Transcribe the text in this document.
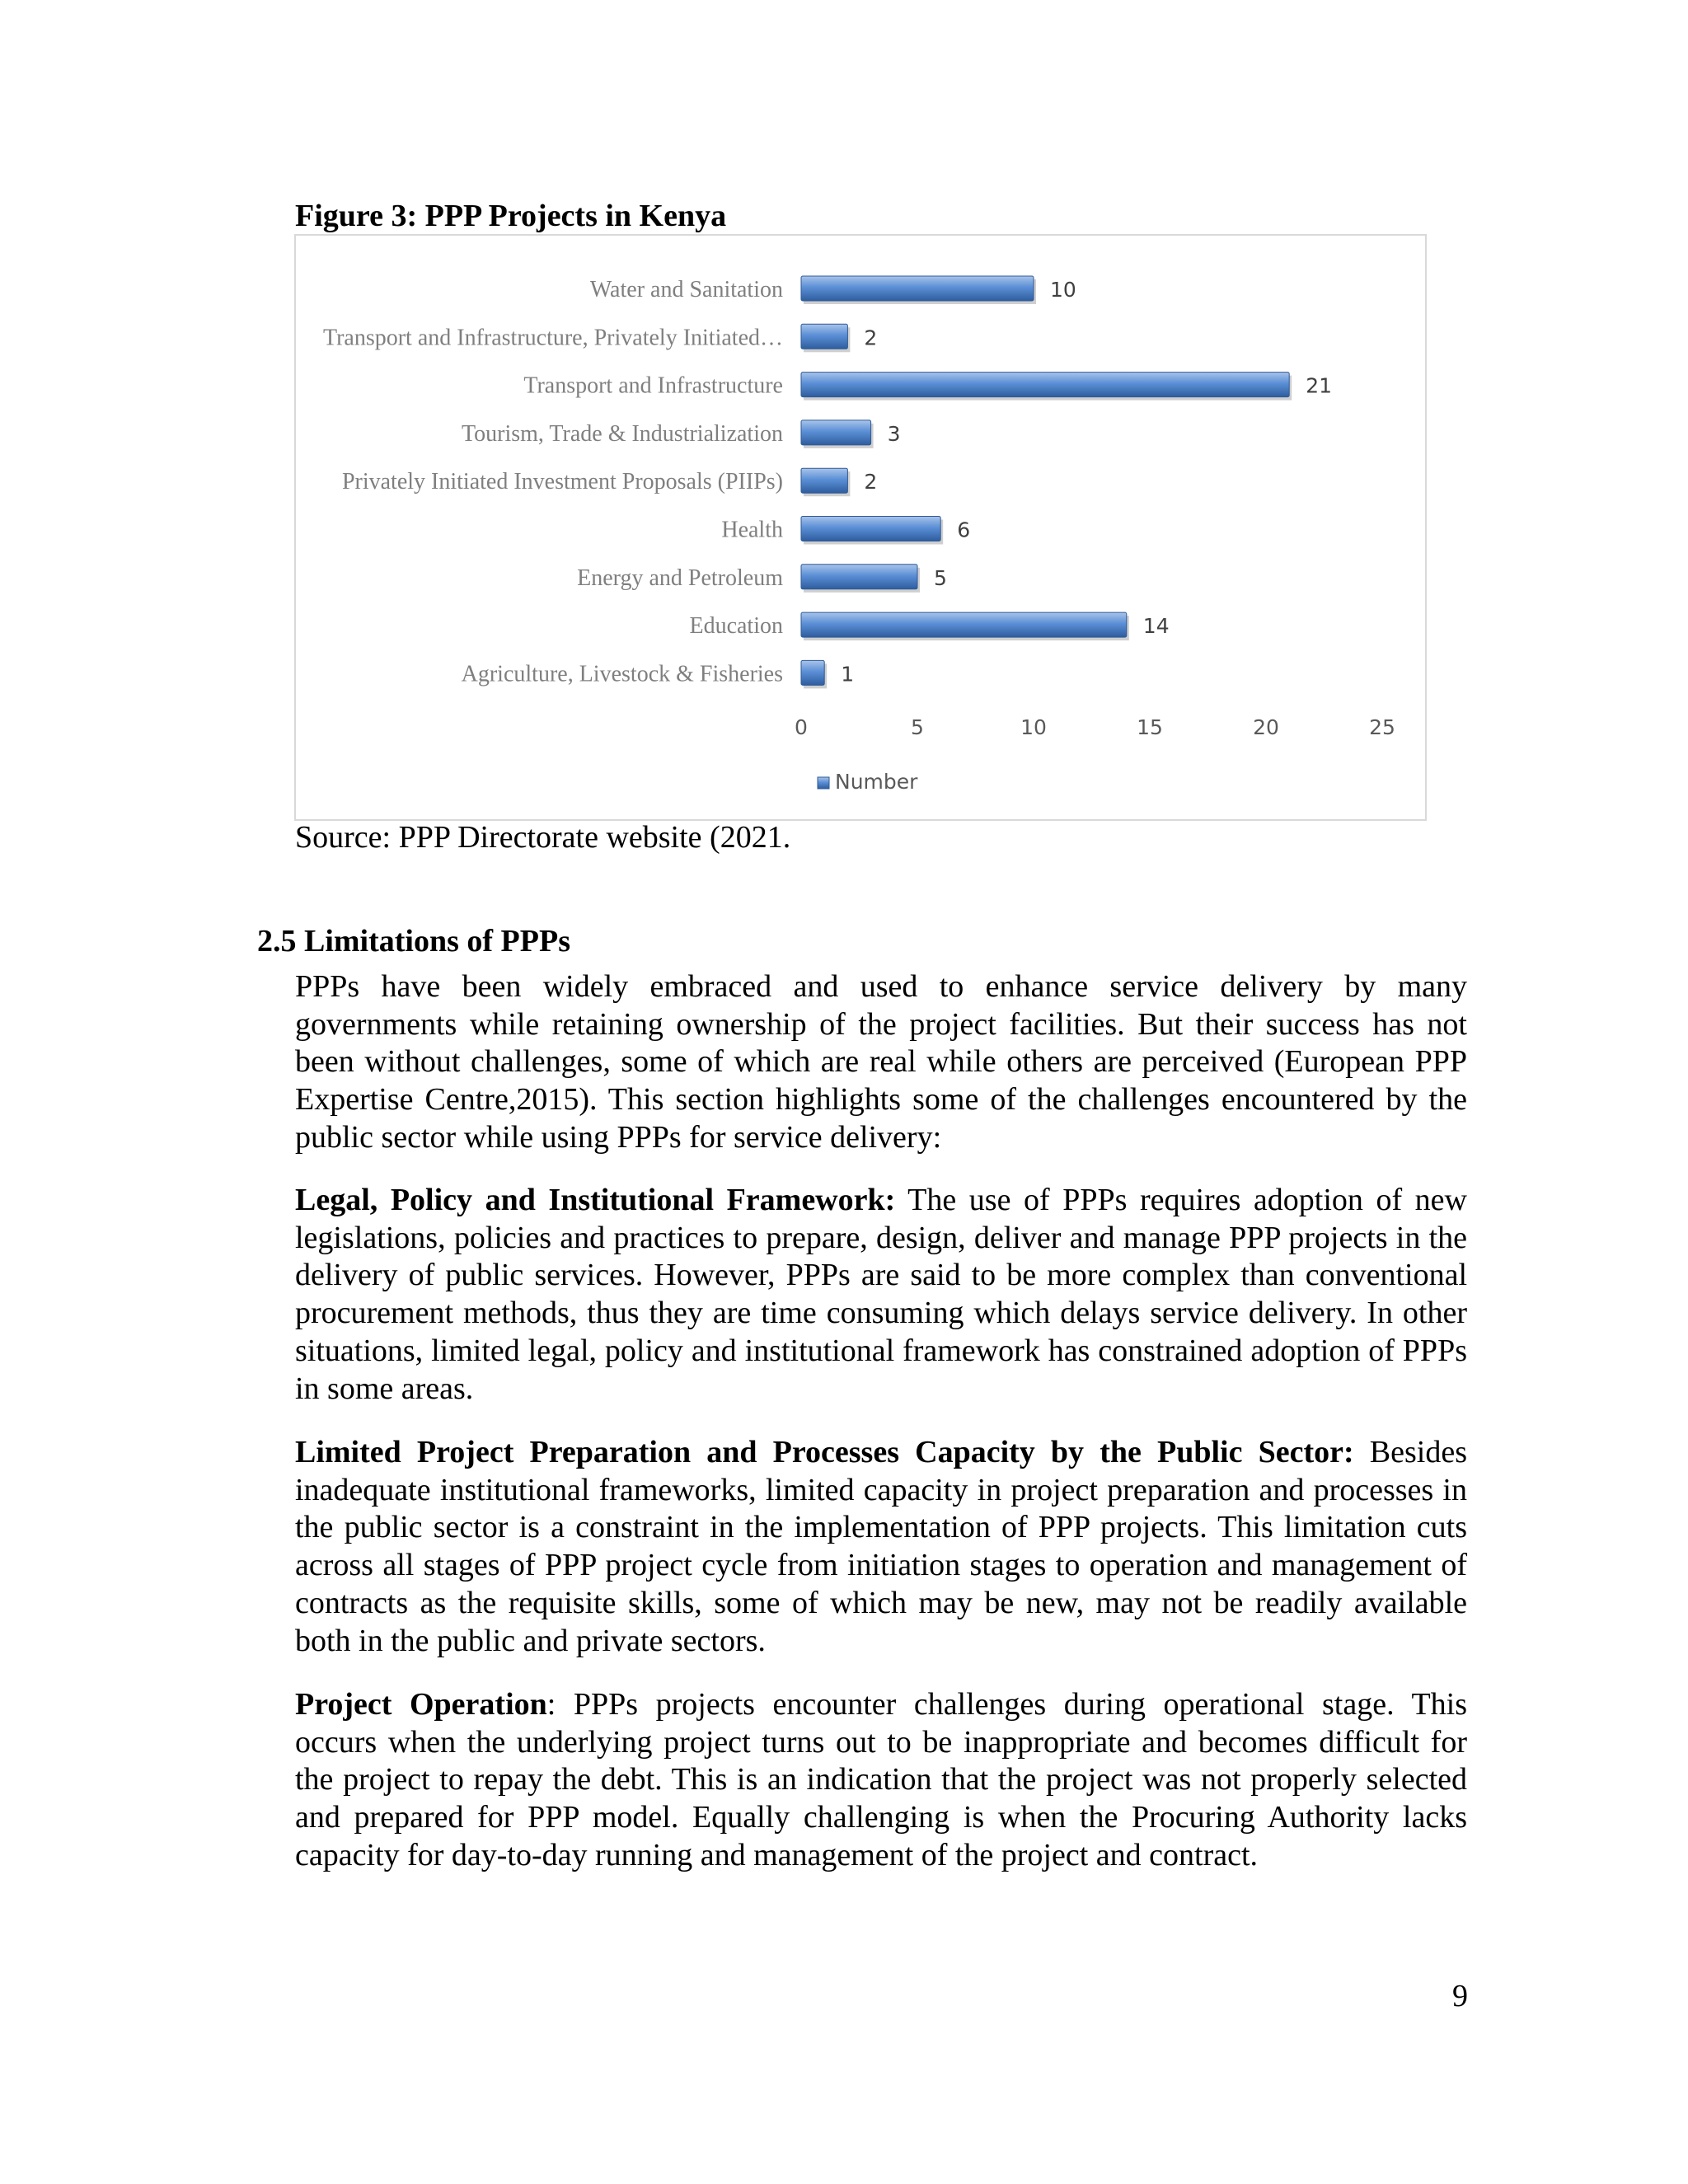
Figure 3: PPP Projects in Kenya
Water and Sanitation	10
Transport and Infrastructure, Privately Initiated…	2
Transport and Infrastructure	21
Tourism, Trade & Industrialization	3
Privately Initiated Investment Proposals (PIIPs)	2
Health	6
Energy and Petroleum	5
Education	14
Agriculture, Livestock & Fisheries	1
0	5	10	15	20	25
Number
Source: PPP Directorate website (2021.
2.5 Limitations of PPPs
PPPs have been widely embraced and used to enhance service delivery by many governments while retaining ownership of the project facilities. But their success has not been without challenges, some of which are real while others are perceived (European PPP Expertise Centre,2015). This section highlights some of the challenges encountered by the public sector while using PPPs for service delivery:
Legal, Policy and Institutional Framework: The use of PPPs requires adoption of new legislations, policies and practices to prepare, design, deliver and manage PPP projects in the delivery of public services. However, PPPs are said to be more complex than conventional procurement methods, thus they are time consuming which delays service delivery. In other situations, limited legal, policy and institutional framework has constrained adoption of PPPs in some areas.
Limited Project Preparation and Processes Capacity by the Public Sector: Besides inadequate institutional frameworks, limited capacity in project preparation and processes in the public sector is a constraint in the implementation of PPP projects. This limitation cuts across all stages of PPP project cycle from initiation stages to operation and management of contracts as the requisite skills, some of which may be new, may not be readily available both in the public and private sectors.
Project Operation: PPPs projects encounter challenges during operational stage. This occurs when the underlying project turns out to be inappropriate and becomes difficult for the project to repay the debt. This is an indication that the project was not properly selected and prepared for PPP model. Equally challenging is when the Procuring Authority lacks capacity for day-to-day running and management of the project and contract.
9
